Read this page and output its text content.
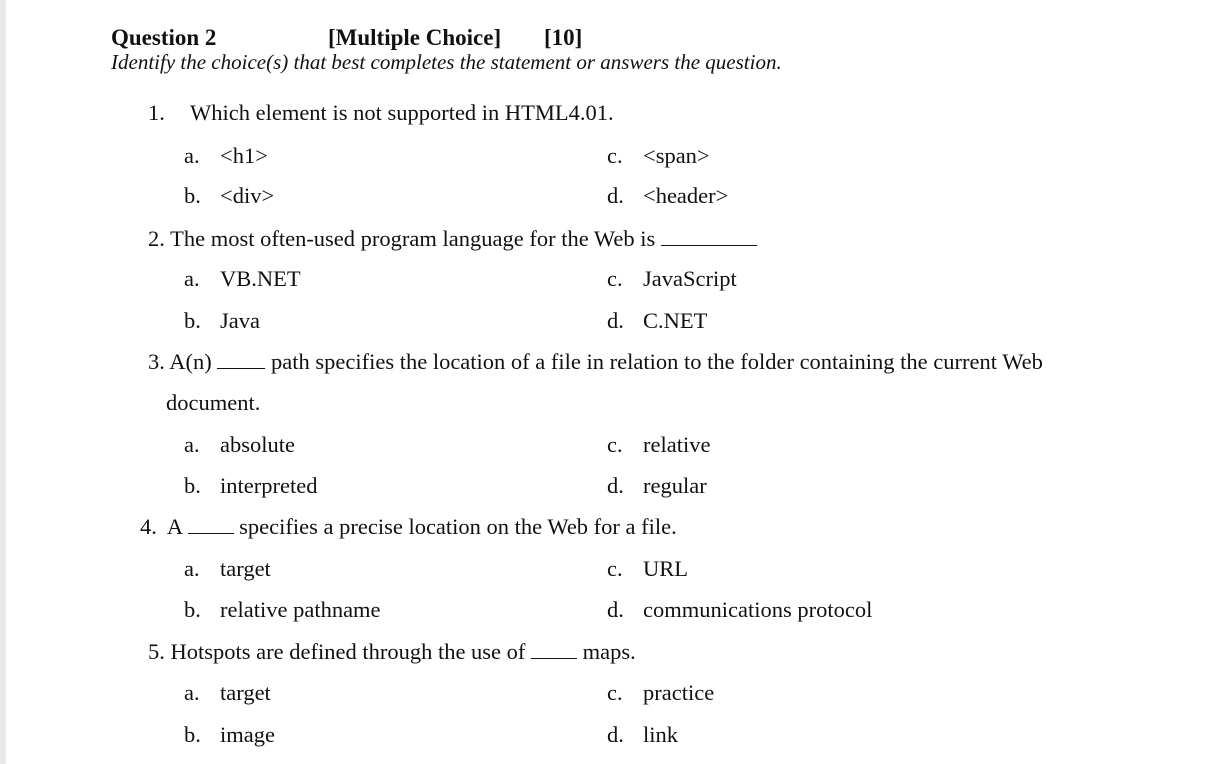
Question 2	[Multiple Choice] [10]
Identify the choice(s) that best completes the statement or answers the question.
1. Which element is not supported in HTML4.01.
a. <h1>
b. <div>
c. <span>
d. <header>
2. The most often-used program language for the Web is
a. VB.NET
b. Java
c. JavaScript
d. C.NET
3. A(n)	path specifies the location of a file in relation to the folder containing the current Web
document.
a. absolute
b. interpreted
c. relative
d. regular
4. A	specifies a precise location on the Web for a file.
a. target
b. relative pathname
c. URL
d. communications protocol
5. Hotspots are defined through the use of	maps.
a. target
b. image
c. practice
d. link
